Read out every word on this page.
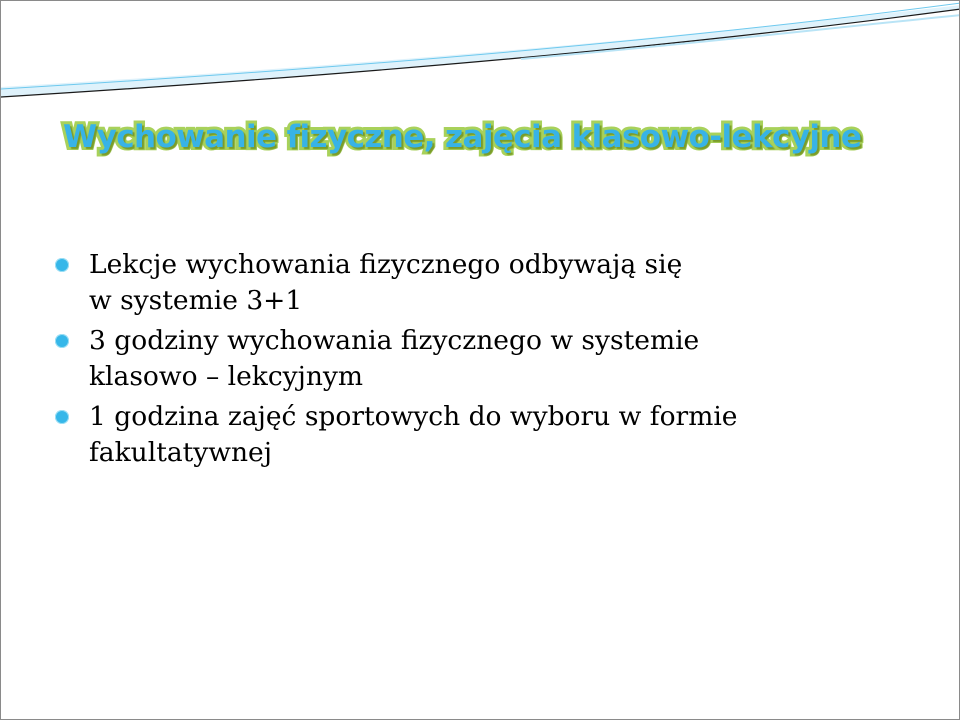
Wychowanie fizyczne, zajęcia klasowo-lekcyjne
Lekcje wychowania fizycznego odbywają się
w systemie 3+1
3 godziny wychowania fizycznego w systemie
klasowo – lekcyjnym
1 godzina zajęć sportowych do wyboru w formie
fakultatywnej
